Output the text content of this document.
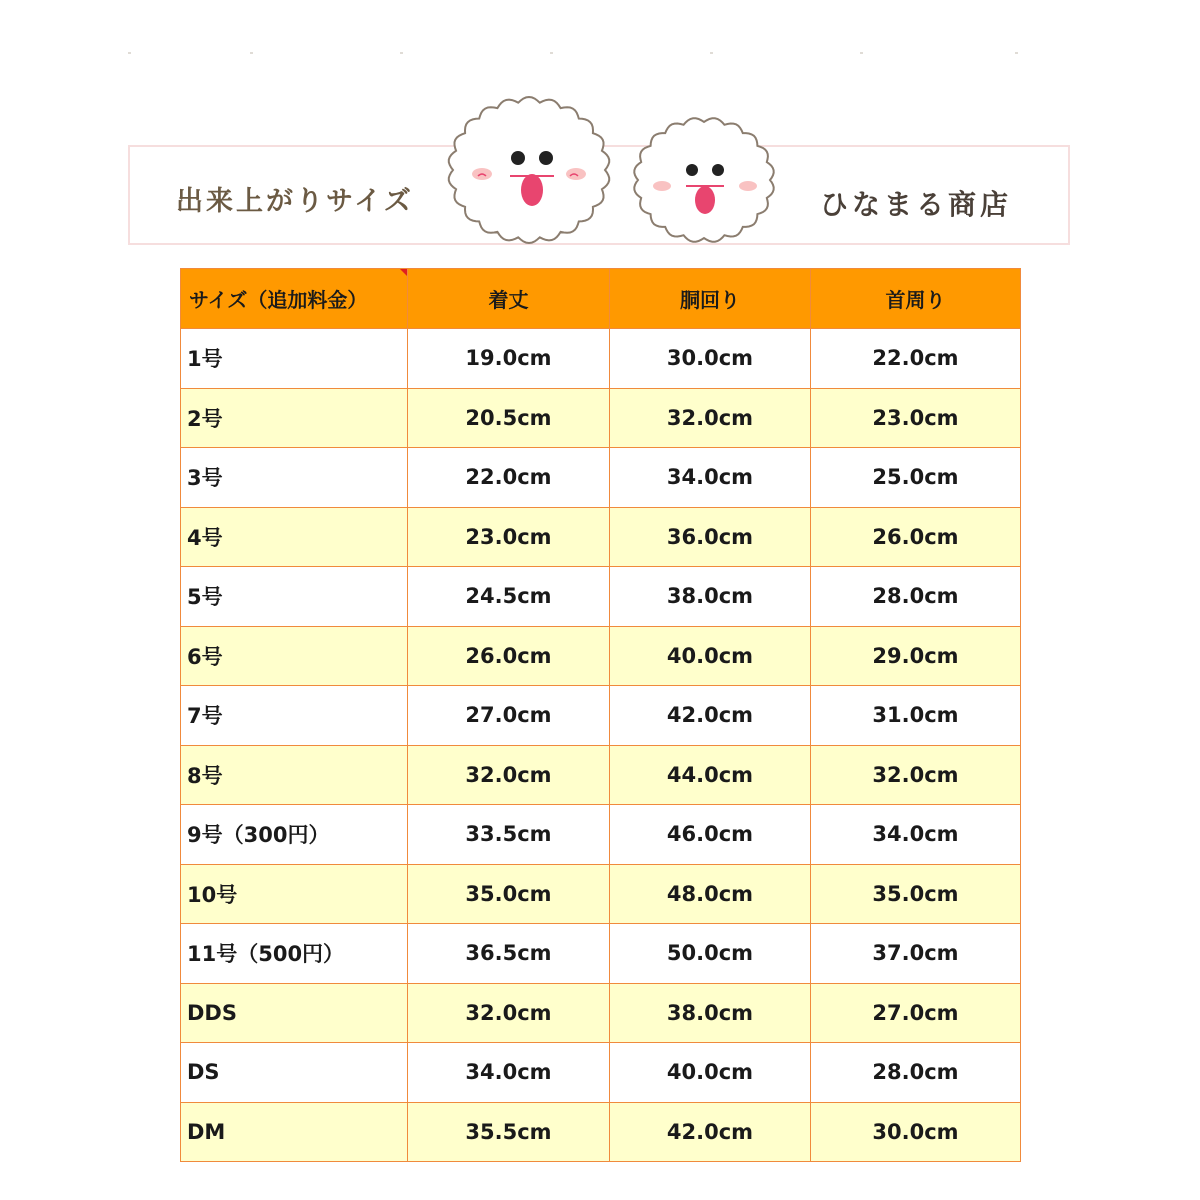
出来上がりサイズ	ひなまる商店
サイズ（追加料金）	着丈	胴回り	首周り
1号	19.0cm	30.0cm	22.0cm
2号	20.5cm	32.0cm	23.0cm
3号	22.0cm	34.0cm	25.0cm
4号	23.0cm	36.0cm	26.0cm
5号	24.5cm	38.0cm	28.0cm
6号	26.0cm	40.0cm	29.0cm
7号	27.0cm	42.0cm	31.0cm
8号	32.0cm	44.0cm	32.0cm
9号（300円）	33.5cm	46.0cm	34.0cm
10号	35.0cm	48.0cm	35.0cm
11号（500円）	36.5cm	50.0cm	37.0cm
DDS	32.0cm	38.0cm	27.0cm
DS	34.0cm	40.0cm	28.0cm
DM	35.5cm	42.0cm	30.0cm
